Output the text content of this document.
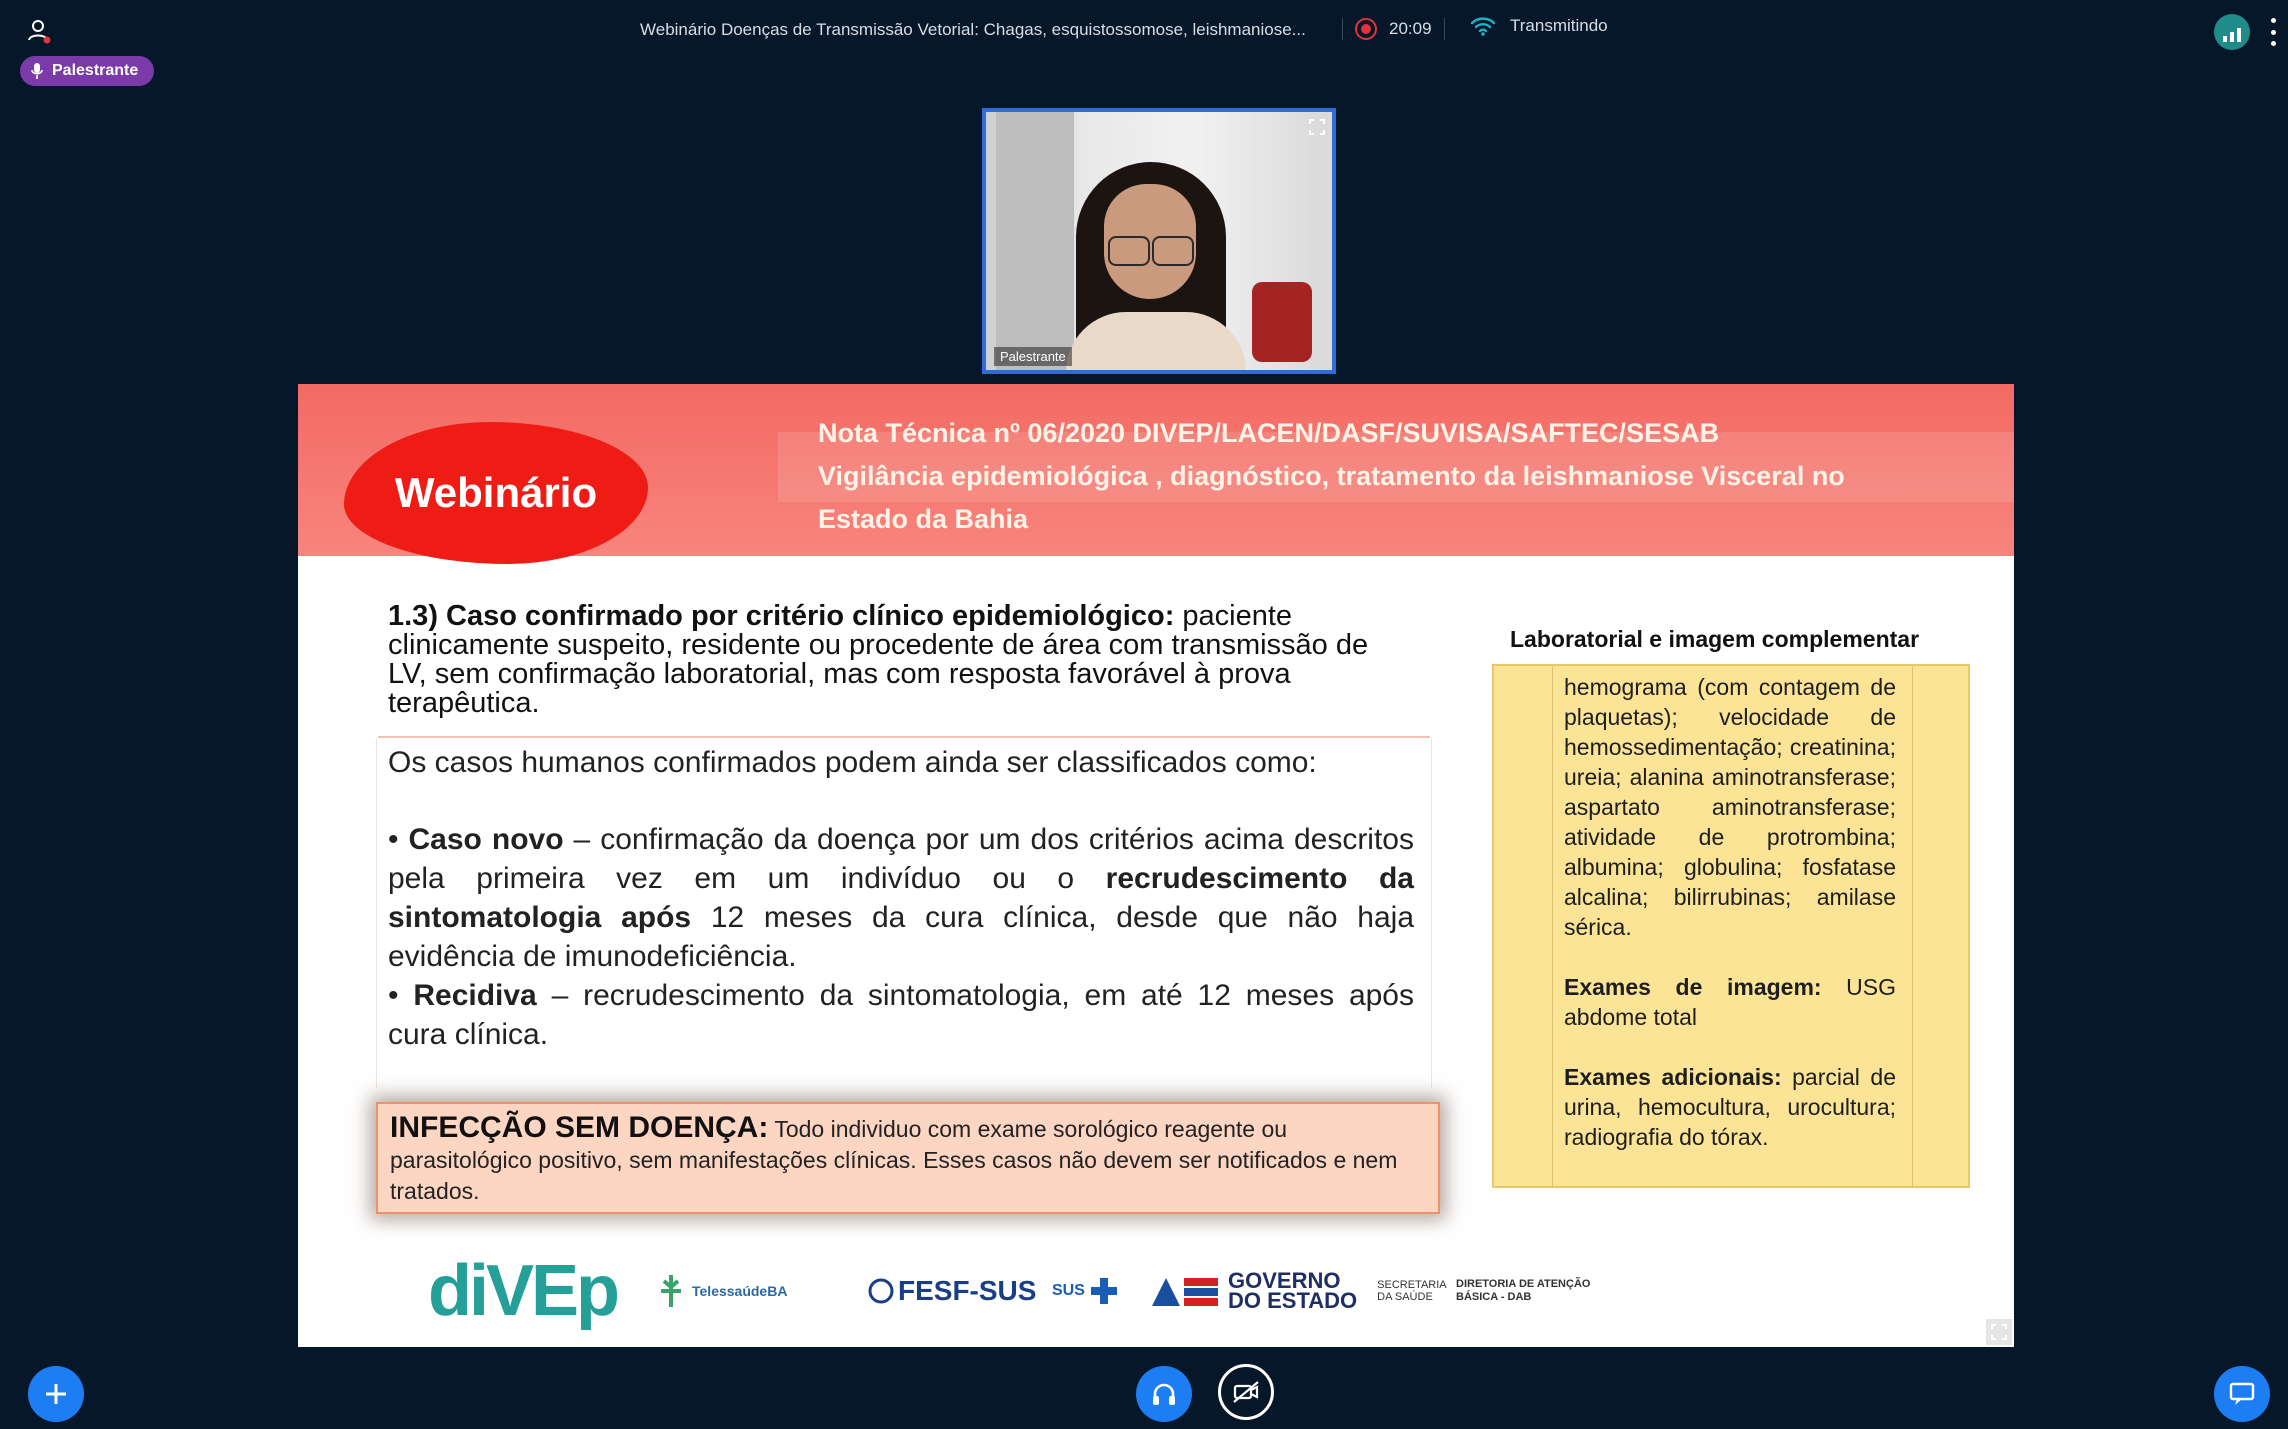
Palestrante
Webinário Doenças de Transmissão Vetorial: Chagas, esquistossomose, leishmaniose...	20:09	Transmitindo
Palestrante
Webinário
Nota Técnica nº 06/2020 DIVEP/LACEN/DASF/SUVISA/SAFTEC/SESAB
Vigilância epidemiológica , diagnóstico, tratamento da leishmaniose Visceral no
Estado da Bahia
1.3) Caso confirmado por critério clínico epidemiológico: paciente clinicamente suspeito, residente ou procedente de área com transmissão de LV, sem confirmação laboratorial, mas com resposta favorável à prova terapêutica.
Os casos humanos confirmados podem ainda ser classificados como:
• Caso novo – confirmação da doença por um dos critérios acima descritos pela primeira vez em um indivíduo ou o recrudescimento da sintomatologia após 12 meses da cura clínica, desde que não haja evidência de imunodeficiência.
• Recidiva – recrudescimento da sintomatologia, em até 12 meses após cura clínica.
INFECÇÃO SEM DOENÇA: Todo individuo com exame sorológico reagente ou parasitológico positivo, sem manifestações clínicas. Esses casos não devem ser notificados e nem tratados.
Laboratorial e imagem complementar

hemograma (com contagem de plaquetas); velocidade de hemossedimentação; creatinina; ureia; alanina aminotransferase; aspartato aminotransferase; atividade de protrombina; albumina; globulina; fosfatase alcalina; bilirrubinas; amilase sérica.

Exames de imagem: USG abdome total

Exames adicionais: parcial de urina, hemocultura, urocultura; radiografia do tórax.

diVEp	TelessaúdeBA	FESF-SUS SUS	GOVERNO
DO ESTADO
SECRETARIA DA SAÚDE
DIRETORIA DE ATENÇÃO BÁSICA - DAB
